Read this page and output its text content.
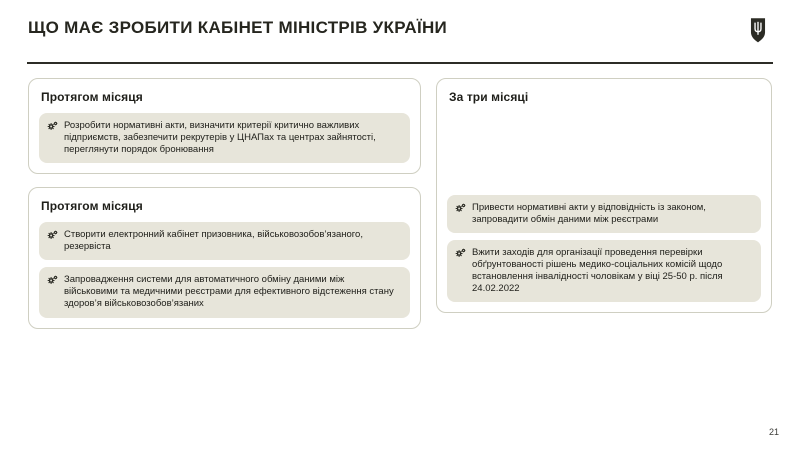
ЩО МАЄ ЗРОБИТИ КАБІНЕТ МІНІСТРІВ УКРАЇНИ
Протягом місяця

Розробити нормативні акти, визначити критерії критично важливих підприємств, забезпечити рекрутерів у ЦНАПах та центрах зайнятості, переглянути порядок бронювання

Протягом місяця

Створити електронний кабінет призовника, військовозобов’язаного, резервіста

Запровадження системи для автоматичного обміну даними між військовими та медичними реєстрами для ефективного відстеження стану здоров’я військовозобов’язаних

За три місяці

Привести нормативні акти у відповідність із законом, запровадити обмін даними між реєстрами

Вжити заходів для організації проведення перевірки обґрунтованості рішень медико-соціальних комісій щодо встановлення інвалідності чоловікам у віці 25-50 р. після 24.02.2022

21
